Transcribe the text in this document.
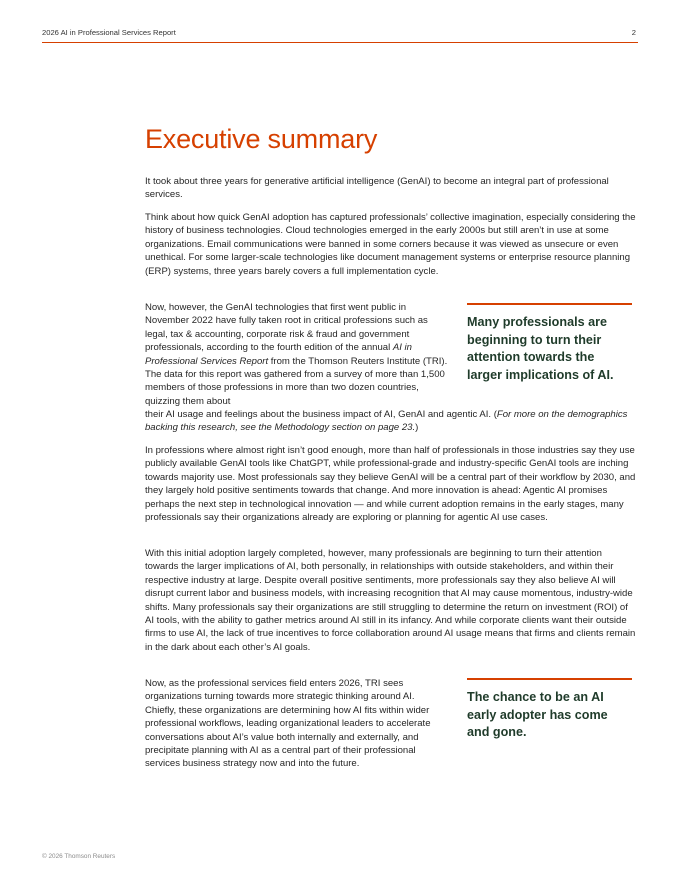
2026 AI in Professional Services Report	2
Executive summary

It took about three years for generative artificial intelligence (GenAI) to become an integral part of professional services.

Think about how quick GenAI adoption has captured professionals’ collective imagination, especially considering the history of business technologies. Cloud technologies emerged in the early 2000s but still aren’t in use at some organizations. Email communications were banned in some corners because it was viewed as unsecure or even unethical. For some larger-scale technologies like document management systems or enterprise resource planning (ERP) systems, three years barely covers a full implementation cycle.

Now, however, the GenAI technologies that first went public in November 2022 have fully taken root in critical professions such as legal, tax & accounting, corporate risk & fraud and government professionals, according to the fourth edition of the annual AI in Professional Services Report from the Thomson Reuters Institute (TRI). The data for this report was gathered from a survey of more than 1,500 members of those professions in more than two dozen countries, quizzing them about

their AI usage and feelings about the business impact of AI, GenAI and agentic AI. (For more on the demographics backing this research, see the Methodology section on page 23.)

Many professionals are beginning to turn their attention towards the larger implications of AI.

In professions where almost right isn’t good enough, more than half of professionals in those industries say they use publicly available GenAI tools like ChatGPT, while professional-grade and industry-specific GenAI tools are inching towards majority use. Most professionals say they believe GenAI will be a central part of their workflow by 2030, and they largely hold positive sentiments towards that change. And more innovation is ahead: Agentic AI promises perhaps the next step in technological innovation — and while current adoption remains in the early stages, many professionals say their organizations already are exploring or planning for agentic AI use cases.

With this initial adoption largely completed, however, many professionals are beginning to turn their attention towards the larger implications of AI, both personally, in relationships with outside stakeholders, and within their respective industry at large. Despite overall positive sentiments, more professionals say they also believe AI will disrupt current labor and business models, with increasing recognition that AI may cause momentous, industry-wide shifts. Many professionals say their organizations are still struggling to determine the return on investment (ROI) of AI tools, with the ability to gather metrics around AI still in its infancy. And while corporate clients want their outside firms to use AI, the lack of true incentives to force collaboration around AI usage means that firms and clients remain in the dark about each other’s AI goals.

Now, as the professional services field enters 2026, TRI sees organizations turning towards more strategic thinking around AI. Chiefly, these organizations are determining how AI fits within wider professional workflows, leading organizational leaders to accelerate conversations about AI’s value both internally and externally, and precipitate planning with AI as a central part of their professional services business strategy now and into the future.

The chance to be an AI early adopter has come and gone.

© 2026 Thomson Reuters
